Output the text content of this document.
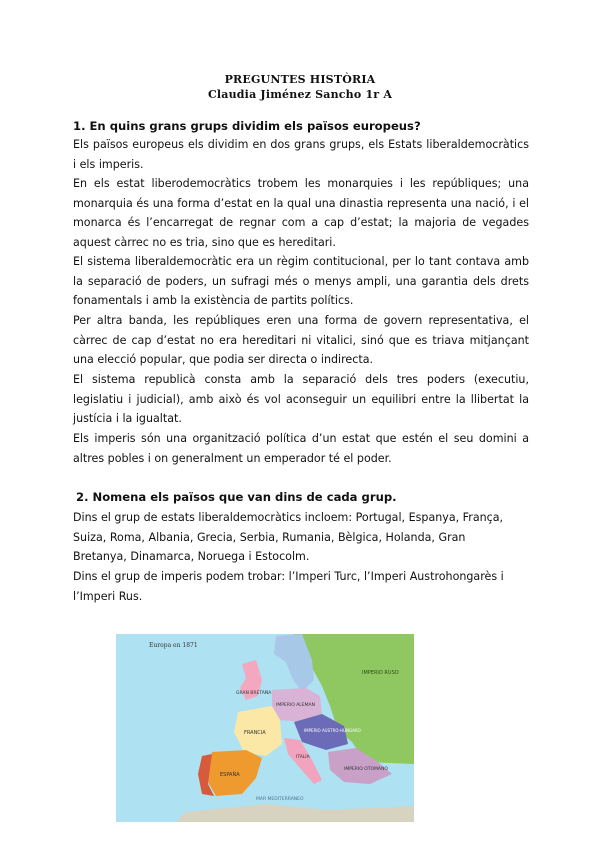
PREGUNTES HISTÒRIA
Claudia Jiménez Sancho 1r A
1. En quins grans grups dividim els països europeus?
Els països europeus els dividim en dos grans grups, els Estats liberaldemocràtics i els imperis.
En els estat liberodemocràtics trobem les monarquies i les repúbliques; una monarquia és una forma d’estat en la qual una dinastia representa una nació, i el monarca és l’encarregat de regnar com a cap d’estat; la majoria de vegades aquest càrrec no es tria, sino que es hereditari.
El sistema liberaldemocràtic era un règim contitucional, per lo tant contava amb la separació de poders, un sufragi més o menys ampli, una garantia dels drets fonamentals i amb la existència de partits polítics.
Per altra banda, les repúbliques eren una forma de govern representativa, el càrrec de cap d’estat no era hereditari ni vitalici, sinó que es triava mitjançant una elecció popular, que podia ser directa o indirecta.
El sistema republicà consta amb la separació dels tres poders (executiu, legislatiu i judicial), amb això és vol aconseguir un equilibri entre la llibertat la justícia i la igualtat.
Els imperis són una organització política d’un estat que estén el seu domini a altres pobles i on generalment un emperador té el poder.
2. Nomena els països que van dins de cada grup.
Dins el grup de estats liberaldemocràtics incloem: Portugal, Espanya, França, Suiza, Roma, Albania, Grecia, Serbia, Rumania, Bèlgica, Holanda, Gran Bretanya, Dinamarca, Noruega i Estocolm.
Dins el grup de imperis podem trobar: l’Imperi Turc, l’Imperi Austrohongarès i l’Imperi Rus.
IMPERIO RUSO
GRAN BRETAÑA
FRANCIA
IMPERIO ALEMAN
IMPERIO AUSTRO-HUNGARO
ESPAÑA
ITALIA
IMPERIO OTOMANO
MAR MEDITERRANEO
Europa en 1871
